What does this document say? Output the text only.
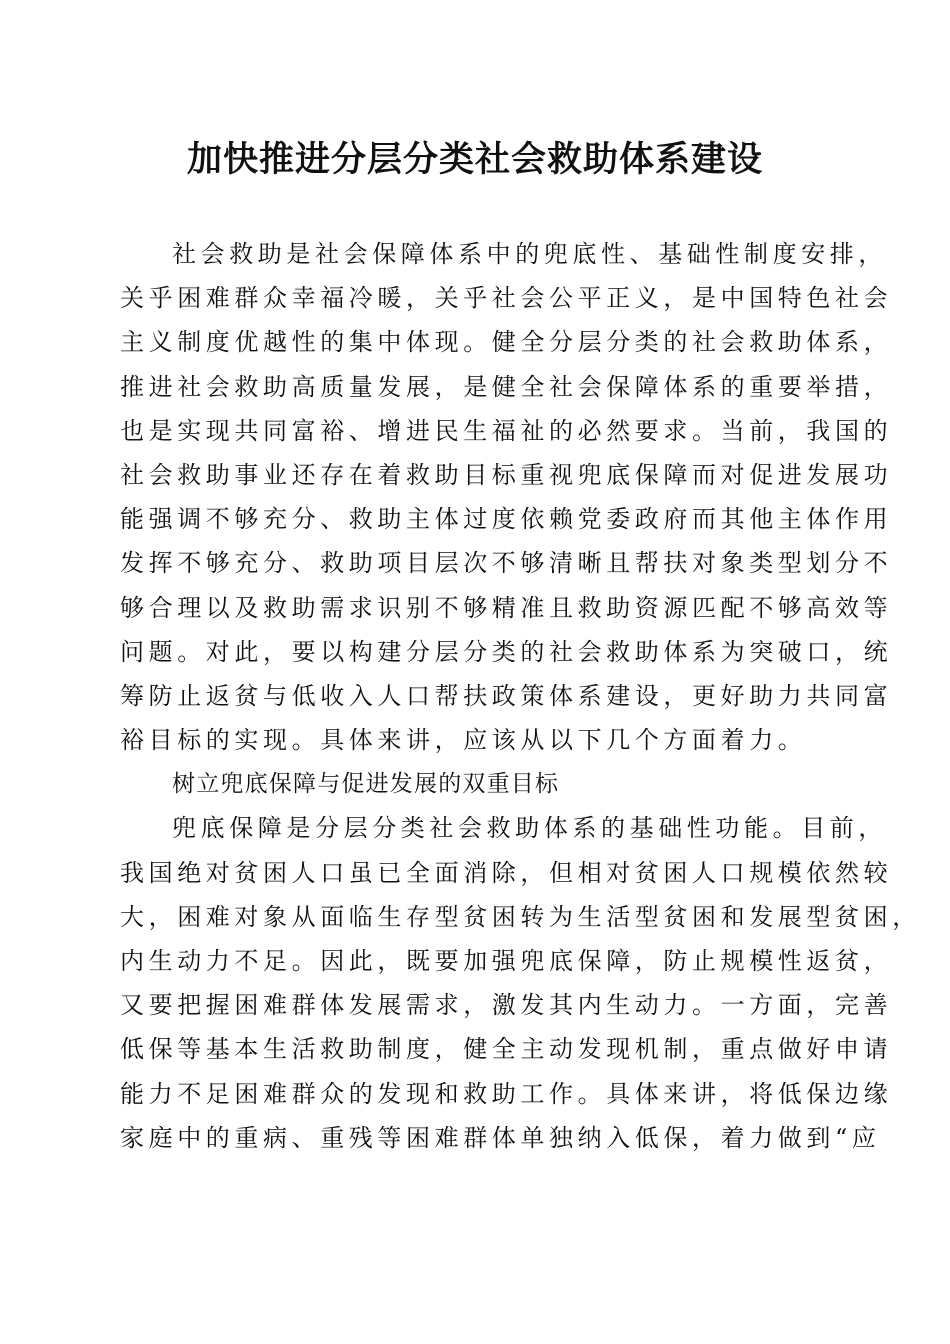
加快推进分层分类社会救助体系建设
社会救助是社会保障体系中的兜底性、基础性制度安排，
关乎困难群众幸福冷暖，关乎社会公平正义，是中国特色社会
主义制度优越性的集中体现。健全分层分类的社会救助体系，
推进社会救助高质量发展，是健全社会保障体系的重要举措，
也是实现共同富裕、增进民生福祉的必然要求。当前，我国的
社会救助事业还存在着救助目标重视兜底保障而对促进发展功
能强调不够充分、救助主体过度依赖党委政府而其他主体作用
发挥不够充分、救助项目层次不够清晰且帮扶对象类型划分不
够合理以及救助需求识别不够精准且救助资源匹配不够高效等
问题。对此，要以构建分层分类的社会救助体系为突破口，统
筹防止返贫与低收入人口帮扶政策体系建设，更好助力共同富
裕目标的实现。具体来讲，应该从以下几个方面着力。
树立兜底保障与促进发展的双重目标
兜底保障是分层分类社会救助体系的基础性功能。目前，
我国绝对贫困人口虽已全面消除，但相对贫困人口规模依然较
大，困难对象从面临生存型贫困转为生活型贫困和发展型贫困，
内生动力不足。因此，既要加强兜底保障，防止规模性返贫，
又要把握困难群体发展需求，激发其内生动力。一方面，完善
低保等基本生活救助制度，健全主动发现机制，重点做好申请
能力不足困难群众的发现和救助工作。具体来讲，将低保边缘
家庭中的重病、重残等困难群体单独纳入低保，着力做到“应
